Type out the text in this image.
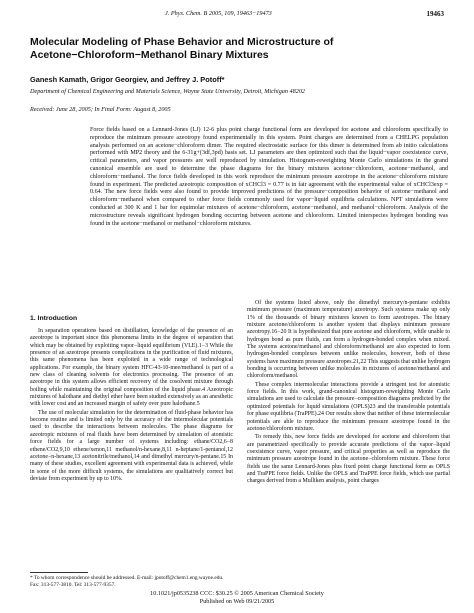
J. Phys. Chem. B 2005, 109, 19463−19473	19463
Molecular Modeling of Phase Behavior and Microstructure of Acetone−Chloroform−Methanol Binary Mixtures
Ganesh Kamath, Grigor Georgiev, and Jeffrey J. Potoff*
Department of Chemical Engineering and Materials Science, Wayne State University, Detroit, Michigan 48202
Received: June 28, 2005; In Final Form: August 8, 2005

Force fields based on a Lennard-Jones (LJ) 12-6 plus point charge functional form are developed for acetone and chloroform specifically to reproduce the minimum pressure azeotropy found experimentally in this system. Point charges are determined from a CHELPG population analysis performed on an acetone−chloroform dimer. The required electrostatic surface for this dimer is determined from ab initio calculations performed with MP2 theory and the 6-31g+(3df,3pd) basis set. LJ parameters are then optimized such that the liquid−vapor coexistence curve, critical parameters, and vapor pressures are well reproduced by simulation. Histogram-reweighting Monte Carlo simulations in the grand canonical ensemble are used to determine the phase diagrams for the binary mixtures acetone−chloroform, acetone−methanol, and chloroform−methanol. The force fields developed in this work reproduce the minimum pressure azeotrope in the acetone−chloroform mixture found in experiment. The predicted azeotropic composition of xCHCl3 = 0.77 is in fair agreement with the experimental value of xCHCl3exp = 0.64. The new force fields were also found to provide improved predictions of the pressure−composition behavior of acetone−methanol and chloroform−methanol when compared to other force fields commonly used for vapor−liquid equilibria calculations. NPT simulations were conducted at 300 K and 1 bar for equimolar mixtures of acetone−chloroform, acetone−methanol, and methanol−chloroform. Analysis of the microstructure reveals significant hydrogen bonding occurring between acetone and chloroform. Limited interspecies hydrogen bonding was found in the acetone−methanol or methanol−chloroform mixtures.

1. Introduction

In separation operations based on distillation, knowledge of the presence of an azeotrope is important since this phenomena limits in the degree of separation that which may be obtained by exploiting vapor−liquid equilibrium (VLE).1−3 While the presence of an azeotrope presents complications in the purification of fluid mixtures, this same phenomena has been exploited in a wide range of technological applications. For example, the binary system HFC-43-10-mee/methanol is part of a new class of cleaning solvents for electronics processing. The presence of an azeotrope in this system allows efficient recovery of the cosolvent mixture through boiling while maintaining the original composition of the liquid phase.4 Azeotropic mixtures of halothane and diethyl ether have been studied extensively as an anesthetic with lower cost and an increased margin of safety over pure halothane.5

The use of molecular simulation for the determination of fluid-phase behavior has become routine and is limited only by the accuracy of the intermolecular potentials used to describe the interactions between molecules. The phase diagrams for azeotropic mixtures of real fluids have been determined by simulation of atomistic force fields for a large number of systems including: ethane/CO2,6−8 ethene/CO2,9,10 ethene/xenon,11 methanol/n-hexane,8,11 n-heptane/1-pentanol,12 acetone−n-hexane,13 acetonitrile/methanol,14 and dimethyl mercury/n-pentane.15 In many of these studies, excellent agreement with experimental data is achieved, while in some of the more difficult systems, the simulations are qualitatively correct but deviate from experiment by up to 10%.

Of the systems listed above, only the dimethyl mercury/n-pentane exhibits minimum pressure (maximum temperature) azeotropy. Such systems make up only 1% of the thousands of binary mixtures known to form azeotropes. The binary mixture acetone/chloroform is another system that displays minimum pressure azeotropy.16−20 It is hypothesized that pure acetone and chloroform, while unable to hydrogen bond as pure fluids, can form a hydrogen-bonded complex when mixed. The systems acetone/methanol and chloroform/methanol are also expected to form hydrogen-bonded complexes between unlike molecules, however, both of these systems have maximum pressure azeotropes.21,22 This suggests that unlike hydrogen bonding is occurring between unlike molecules in mixtures of acetone/methanol and chloroform/methanol.

These complex intermolecular interactions provide a stringent test for atomistic force fields. In this work, grand-canonical histogram-reweighting Monte Carlo simulations are used to calculate the pressure−composition diagrams predicted by the optimized potentials for liquid simulations (OPLS)23 and the transferable potentials for phase equilibria (TraPPE).24 Our results show that neither of these intermolecular potentials are able to reproduce the minimum pressure azeotrope found in the acetone/chloroform mixture.

To remedy this, new force fields are developed for acetone and chloroform that are parametrized specifically to provide accurate predictions of the vapor−liquid coexistence curve, vapor pressure, and critical properties as well as reproduce the minimum pressure azeotrope found in the acetone−chloroform mixture. These force fields use the same Lennard-Jones plus fixed point charge functional form as OPLS and TraPPE force fields. Unlike the OPLS and TraPPE force fields, which use partial charges derived from a Mulliken analysis, point charges

* To whom correspondence should be addressed. E-mail: jpotoff@chem1.eng.wayne.edu. Fax: 313-577-3810. Tel: 313-577-9357.
10.1021/jp0535238 CCC: $30.25 © 2005 American Chemical Society
Published on Web 09/21/2005
